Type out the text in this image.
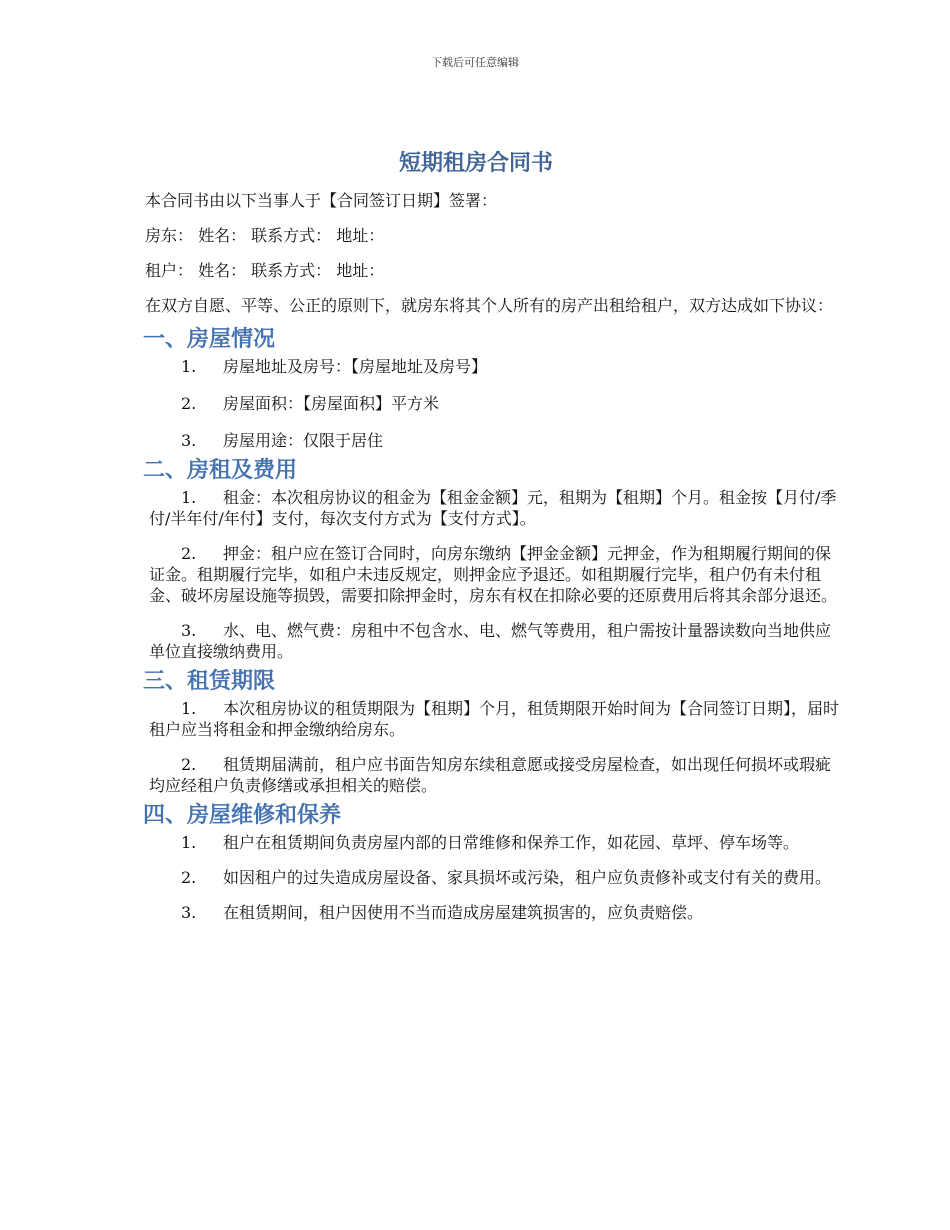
下载后可任意编辑
短期租房合同书

本合同书由以下当事人于【合同签订日期】签署：

房东： 姓名： 联系方式： 地址：

租户： 姓名： 联系方式： 地址：

在双方自愿、平等、公正的原则下，就房东将其个人所有的房产出租给租户，双方达成如下协议：

一、房屋情况

1. 房屋地址及房号：【房屋地址及房号】

2. 房屋面积：【房屋面积】平方米

3. 房屋用途：仅限于居住

二、房租及费用

1. 租金：本次租房协议的租金为【租金金额】元，租期为【租期】个月。租金按【月付/季付/半年付/年付】支付，每次支付方式为【支付方式】。

2. 押金：租户应在签订合同时，向房东缴纳【押金金额】元押金，作为租期履行期间的保证金。租期履行完毕，如租户未违反规定，则押金应予退还。如租期履行完毕，租户仍有未付租金、破坏房屋设施等损毁，需要扣除押金时，房东有权在扣除必要的还原费用后将其余部分退还。

3. 水、电、燃气费：房租中不包含水、电、燃气等费用，租户需按计量器读数向当地供应单位直接缴纳费用。

三、租赁期限

1. 本次租房协议的租赁期限为【租期】个月，租赁期限开始时间为【合同签订日期】，届时租户应当将租金和押金缴纳给房东。

2. 租赁期届满前，租户应书面告知房东续租意愿或接受房屋检查，如出现任何损坏或瑕疵均应经租户负责修缮或承担相关的赔偿。

四、房屋维修和保养

1. 租户在租赁期间负责房屋内部的日常维修和保养工作，如花园、草坪、停车场等。

2. 如因租户的过失造成房屋设备、家具损坏或污染，租户应负责修补或支付有关的费用。

3. 在租赁期间，租户因使用不当而造成房屋建筑损害的，应负责赔偿。
